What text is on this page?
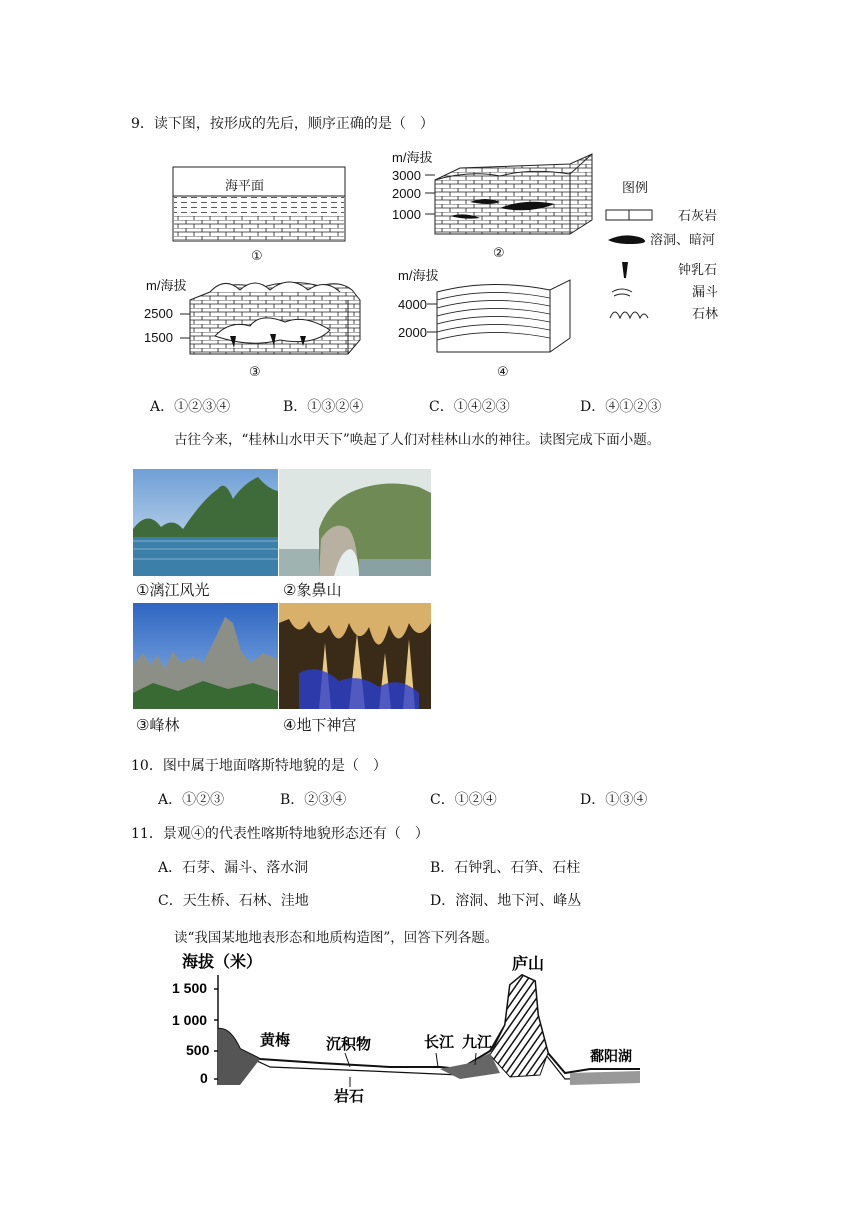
9．读下图，按形成的先后，顺序正确的是（　）
海平面
①
m/海拔
3000
2000
1000
②
图例
石灰岩
溶洞、暗河
钟乳石
漏斗
石林
m/海拔
2500
1500
③
m/海拔
4000
2000
④
A．①②③④	B．①③②④	C．①④②③	D．④①②③
古往今来，“桂林山水甲天下”唤起了人们对桂林山水的神往。读图完成下面小题。
①漓江风光	②象鼻山
③峰林	④地下神宫
10．图中属于地面喀斯特地貌的是（　）
A．①②③	B．②③④	C．①②④	D．①③④
11．景观④的代表性喀斯特地貌形态还有（　）
A．石芽、漏斗、落水洞	B．石钟乳、石笋、石柱
C．天生桥、石林、洼地	D．溶洞、地下河、峰丛
读“我国某地地表形态和地质构造图”，回答下列各题。
海拔（米）
1 500
1 000
500
0
黄梅 沉积物	长江 九江
庐山
鄱阳湖
岩石
